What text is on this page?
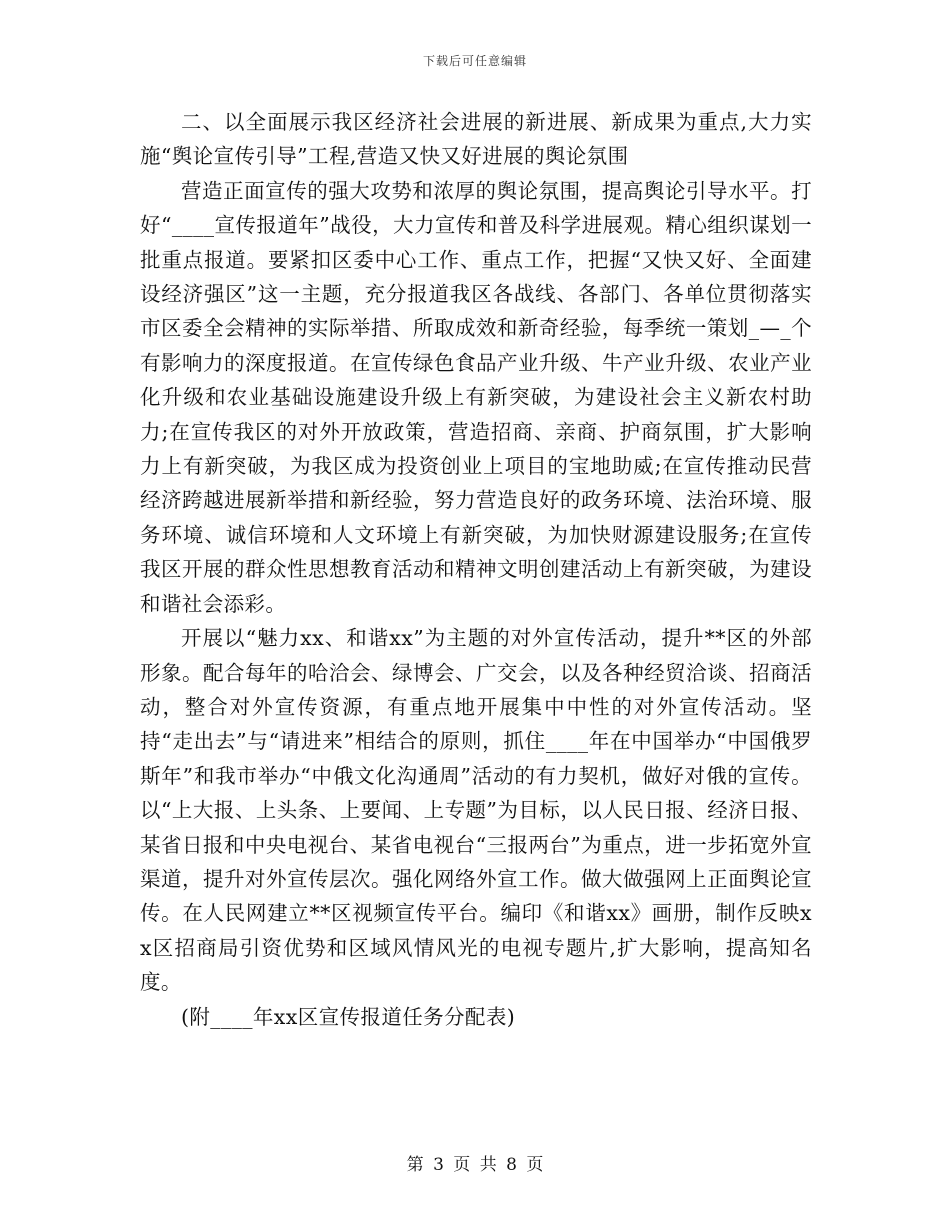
下载后可任意编辑

二、以全面展示我区经济社会进展的新进展、新成果为重点,大力实施“舆论宣传引导”工程,营造又快又好进展的舆论氛围

营造正面宣传的强大攻势和浓厚的舆论氛围，提高舆论引导水平。打好“____宣传报道年”战役，大力宣传和普及科学进展观。精心组织谋划一批重点报道。要紧扣区委中心工作、重点工作，把握“又快又好、全面建设经济强区”这一主题，充分报道我区各战线、各部门、各单位贯彻落实市区委全会精神的实际举措、所取成效和新奇经验，每季统一策划_—_个有影响力的深度报道。在宣传绿色食品产业升级、牛产业升级、农业产业化升级和农业基础设施建设升级上有新突破，为建设社会主义新农村助力;在宣传我区的对外开放政策，营造招商、亲商、护商氛围，扩大影响力上有新突破，为我区成为投资创业上项目的宝地助威;在宣传推动民营经济跨越进展新举措和新经验，努力营造良好的政务环境、法治环境、服务环境、诚信环境和人文环境上有新突破，为加快财源建设服务;在宣传我区开展的群众性思想教育活动和精神文明创建活动上有新突破，为建设和谐社会添彩。

开展以“魅力xx、和谐xx”为主题的对外宣传活动，提升**区的外部形象。配合每年的哈洽会、绿博会、广交会，以及各种经贸洽谈、招商活动，整合对外宣传资源，有重点地开展集中中性的对外宣传活动。坚持“走出去”与“请进来”相结合的原则，抓住____年在中国举办“中国俄罗斯年”和我市举办“中俄文化沟通周”活动的有力契机，做好对俄的宣传。以“上大报、上头条、上要闻、上专题”为目标，以人民日报、经济日报、某省日报和中央电视台、某省电视台“三报两台”为重点，进一步拓宽外宣渠道，提升对外宣传层次。强化网络外宣工作。做大做强网上正面舆论宣传。在人民网建立**区视频宣传平台。编印《和谐xx》画册，制作反映xx区招商局引资优势和区域风情风光的电视专题片,扩大影响，提高知名度。

(附____年xx区宣传报道任务分配表)

第 3 页 共 8 页
